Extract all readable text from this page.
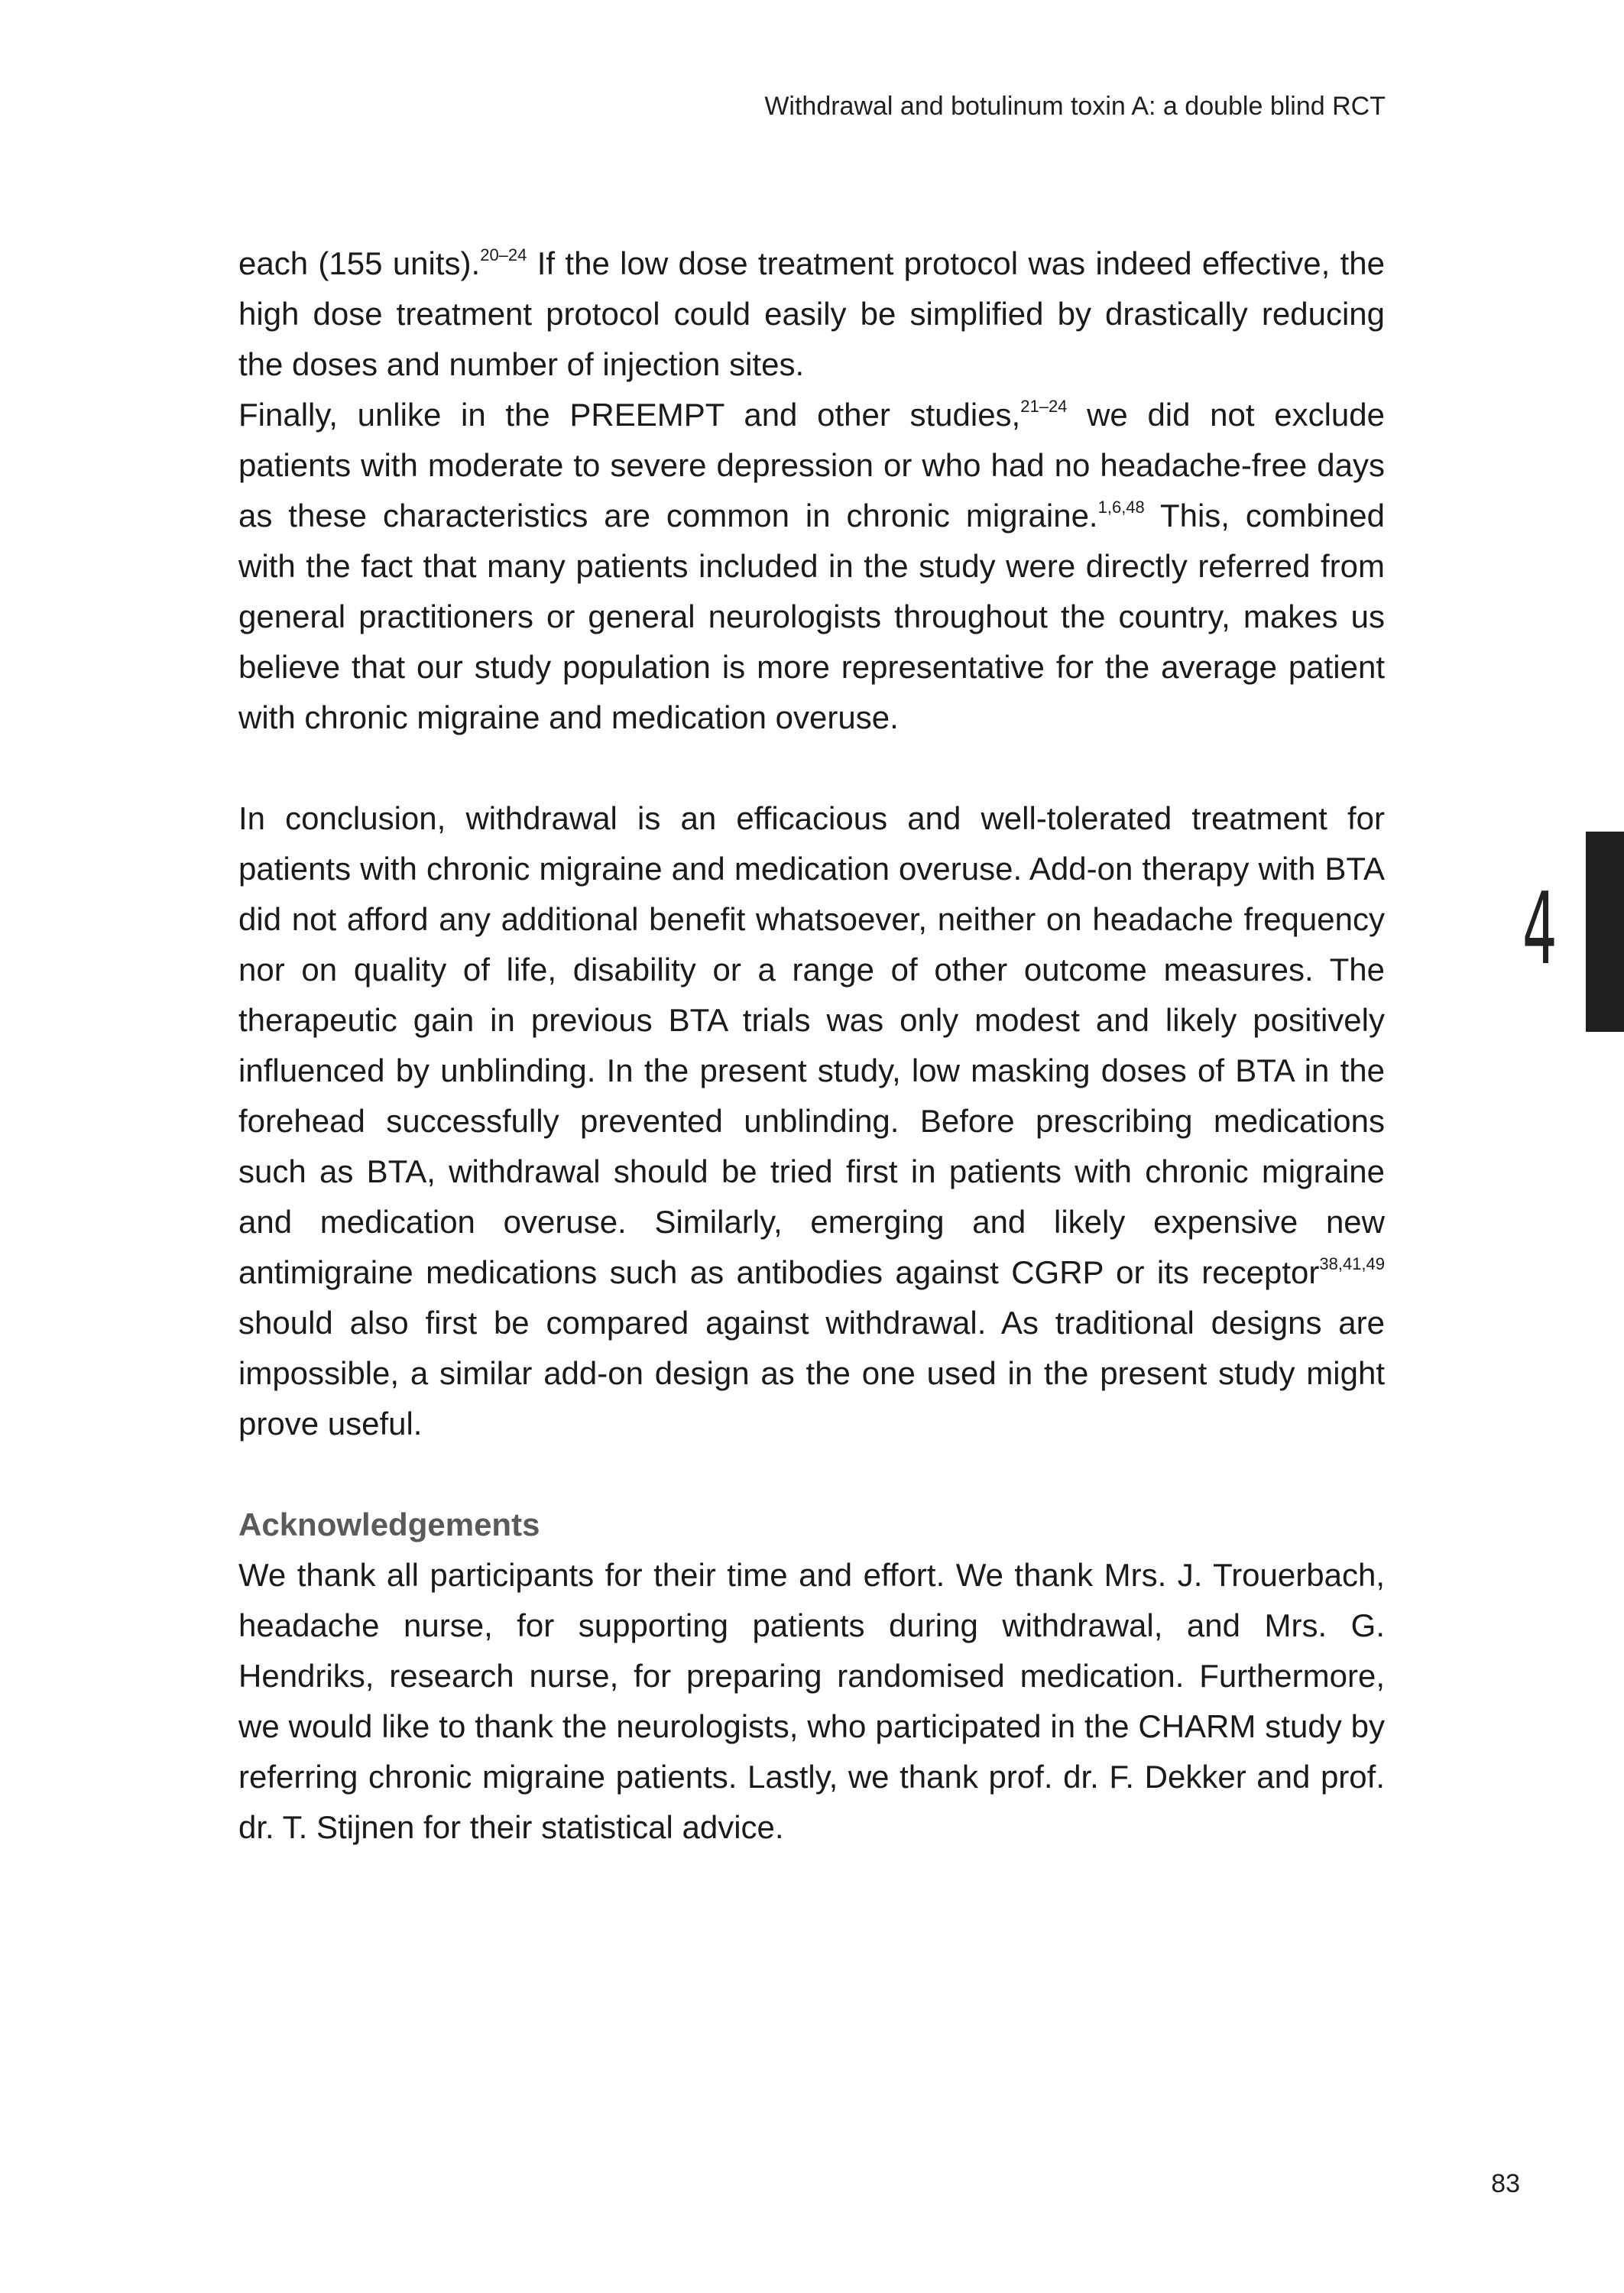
Withdrawal and botulinum toxin A: a double blind RCT
4

each (155 units).$^{20-24}$ If the low dose treatment protocol was indeed effective, the high dose treatment protocol could easily be simplified by drastically reducing the doses and number of injection sites.

Finally, unlike in the PREEMPT and other studies,$^{21-24}$ we did not exclude patients with moderate to severe depression or who had no headache-free days as these characteristics are common in chronic migraine.$^{1,6,48}$ This, combined with the fact that many patients included in the study were directly referred from general practitioners or general neurologists throughout the country, makes us believe that our study population is more representative for the average patient with chronic migraine and medication overuse.

In conclusion, withdrawal is an efficacious and well-tolerated treatment for patients with chronic migraine and medication overuse. Add-on therapy with BTA did not afford any additional benefit whatsoever, neither on headache frequency nor on quality of life, disability or a range of other outcome measures. The therapeutic gain in previous BTA trials was only modest and likely positively influenced by unblinding. In the present study, low masking doses of BTA in the forehead successfully prevented unblinding. Before prescribing medications such as BTA, withdrawal should be tried first in patients with chronic migraine and medication overuse. Similarly, emerging and likely expensive new antimigraine medications such as antibodies against CGRP or its receptor$^{38,41,49}$ should also first be compared against withdrawal. As traditional designs are impossible, a similar add-on design as the one used in the present study might prove useful.

Acknowledgements

We thank all participants for their time and effort. We thank Mrs. J. Trouerbach, headache nurse, for supporting patients during withdrawal, and Mrs. G. Hendriks, research nurse, for preparing randomised medication. Furthermore, we would like to thank the neurologists, who participated in the CHARM study by referring chronic migraine patients. Lastly, we thank prof. dr. F. Dekker and prof. dr. T. Stijnen for their statistical advice.

83
